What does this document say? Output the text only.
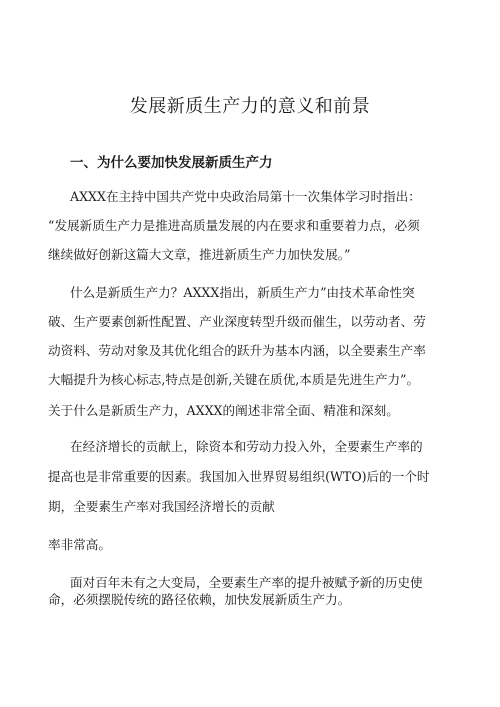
发展新质生产力的意义和前景
一、为什么要加快发展新质生产力
AXXX在主持中国共产党中央政治局第十一次集体学习时指出：
“发展新质生产力是推进高质量发展的内在要求和重要着力点，必须
继续做好创新这篇大文章，推进新质生产力加快发展。”
什么是新质生产力？AXXX指出，新质生产力”由技术革命性突
破、生产要素创新性配置、产业深度转型升级而催生，以劳动者、劳
动资料、劳动对象及其优化组合的跃升为基本内涵，以全要素生产率
大幅提升为核心标志,特点是创新,关键在质优,本质是先进生产力”。
关于什么是新质生产力，AXXX的阐述非常全面、精准和深刻。
在经济增长的贡献上，除资本和劳动力投入外，全要素生产率的
提高也是非常重要的因素。我国加入世界贸易组织(WTO)后的一个时
期，全要素生产率对我国经济增长的贡献
率非常高。
面对百年未有之大变局，全要素生产率的提升被赋予新的历史使
命，必须摆脱传统的路径依赖，加快发展新质生产力。
